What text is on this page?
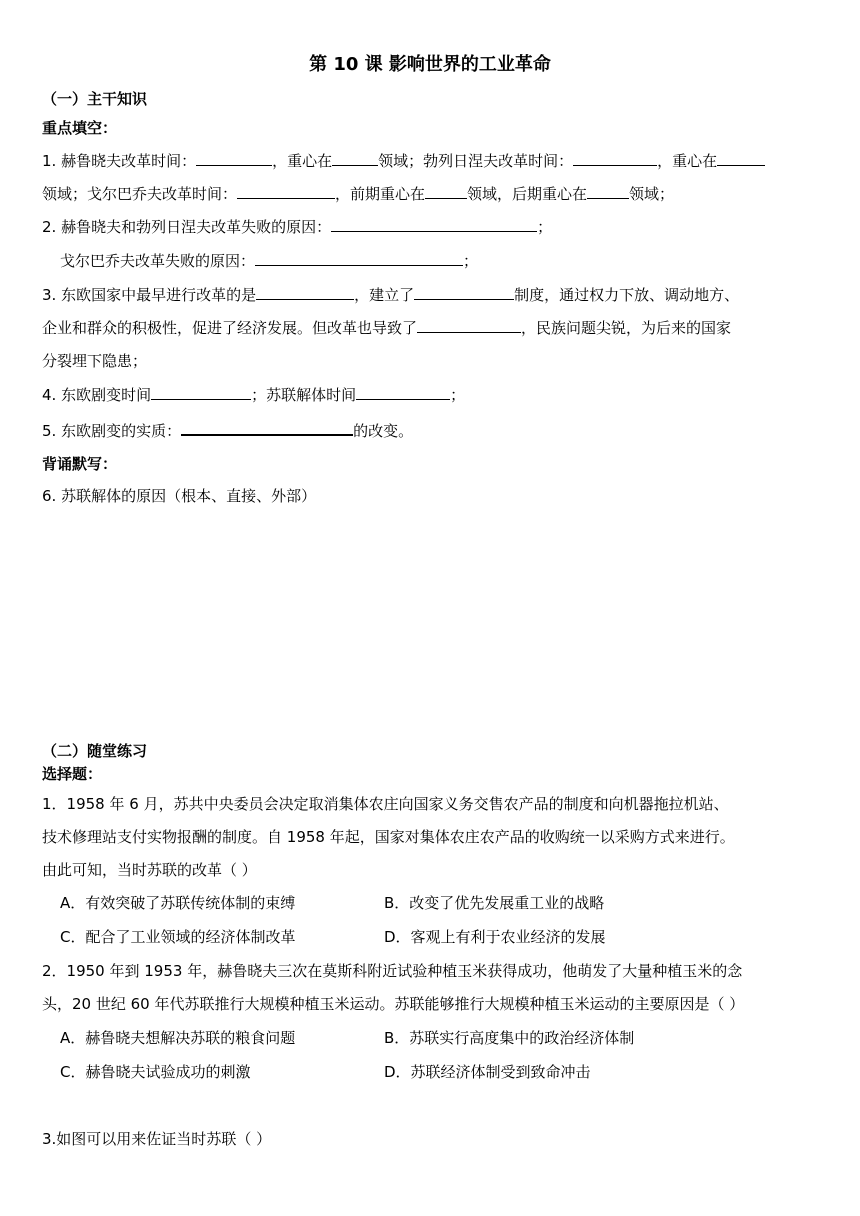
第 10 课 影响世界的工业革命
（一）主干知识
重点填空：
1. 赫鲁晓夫改革时间：	，重心在	领域；勃列日涅夫改革时间：	，重心在
领域；戈尔巴乔夫改革时间：	，前期重心在	领域，后期重心在	领域；
2. 赫鲁晓夫和勃列日涅夫改革失败的原因：	；
戈尔巴乔夫改革失败的原因：	；
3. 东欧国家中最早进行改革的是	，建立了	制度，通过权力下放、调动地方、
企业和群众的积极性，促进了经济发展。但改革也导致了	，民族问题尖锐，为后来的国家
分裂埋下隐患；
4. 东欧剧变时间	；苏联解体时间	；
5. 东欧剧变的实质：	的改变。
背诵默写：
6. 苏联解体的原因（根本、直接、外部）
（二）随堂练习
选择题：
1．1958 年 6 月，苏共中央委员会决定取消集体农庄向国家义务交售农产品的制度和向机器拖拉机站、
技术修理站支付实物报酬的制度。自 1958 年起，国家对集体农庄农产品的收购统一以采购方式来进行。
由此可知，当时苏联的改革（ ）
A．有效突破了苏联传统体制的束缚	B．改变了优先发展重工业的战略
C．配合了工业领域的经济体制改革	D．客观上有利于农业经济的发展
2．1950 年到 1953 年，赫鲁晓夫三次在莫斯科附近试验种植玉米获得成功，他萌发了大量种植玉米的念
头，20 世纪 60 年代苏联推行大规模种植玉米运动。苏联能够推行大规模种植玉米运动的主要原因是（ ）
A．赫鲁晓夫想解决苏联的粮食问题	B．苏联实行高度集中的政治经济体制
C．赫鲁晓夫试验成功的刺激	D．苏联经济体制受到致命冲击
3.如图可以用来佐证当时苏联（ ）
